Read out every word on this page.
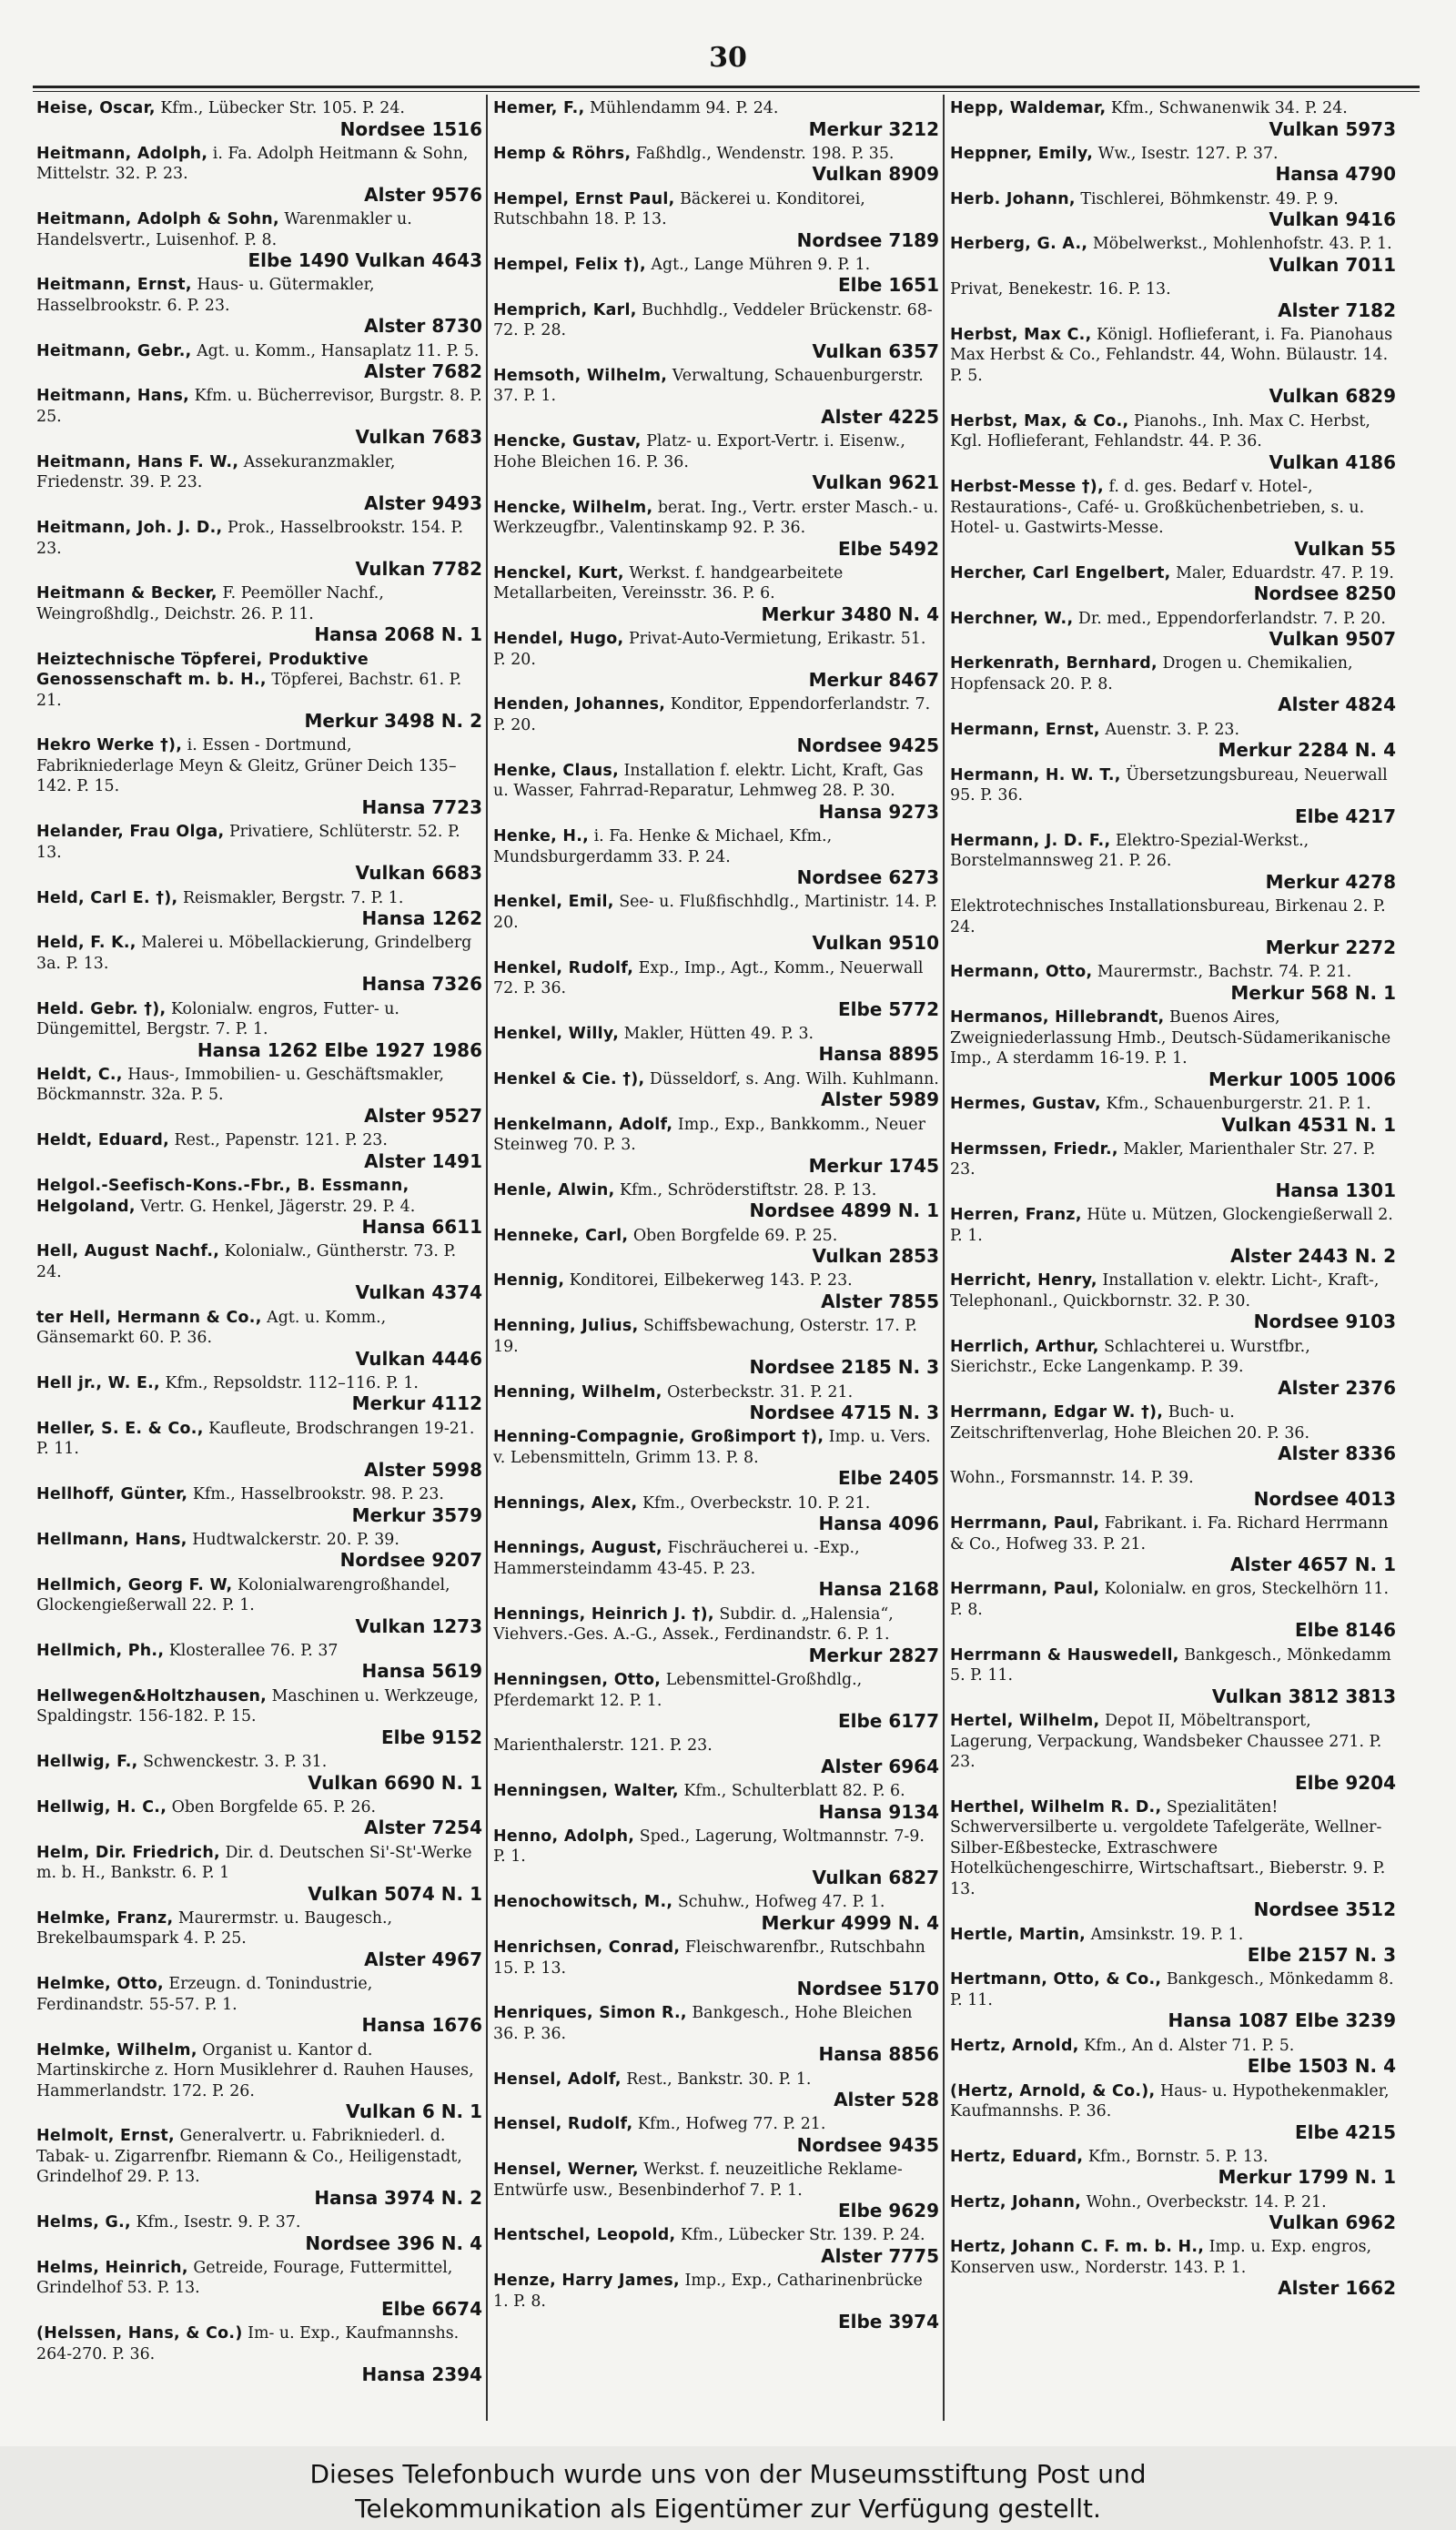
30
Heise, Oscar, Kfm., Lübecker Str. 105. P. 24.
Nordsee 1516
Heitmann, Adolph, i. Fa. Adolph Heitmann & Sohn, Mittelstr. 32. P. 23.
Alster 9576
Heitmann, Adolph & Sohn, Warenmakler u. Handelsvertr., Luisenhof. P. 8.
Elbe 1490 Vulkan 4643
Heitmann, Ernst, Haus- u. Gütermakler, Hasselbrookstr. 6. P. 23.
Alster 8730
Heitmann, Gebr., Agt. u. Komm., Hansaplatz 11. P. 5.
Alster 7682
Heitmann, Hans, Kfm. u. Bücherrevisor, Burgstr. 8. P. 25.
Vulkan 7683
Heitmann, Hans F. W., Assekuranzmakler, Friedenstr. 39. P. 23.
Alster 9493
Heitmann, Joh. J. D., Prok., Hasselbrookstr. 154. P. 23.
Vulkan 7782
Heitmann & Becker, F. Peemöller Nachf., Weingroßhdlg., Deichstr. 26. P. 11.
Hansa 2068 N. 1
Heiztechnische Töpferei, Produktive Genossenschaft m. b. H., Töpferei, Bachstr. 61. P. 21.
Merkur 3498 N. 2
Hekro Werke †), i. Essen - Dortmund, Fabrikniederlage Meyn & Gleitz, Grüner Deich 135–142. P. 15.
Hansa 7723
Helander, Frau Olga, Privatiere, Schlüterstr. 52. P. 13.
Vulkan 6683
Held, Carl E. †), Reismakler, Bergstr. 7. P. 1.
Hansa 1262
Held, F. K., Malerei u. Möbellackierung, Grindelberg 3a. P. 13.
Hansa 7326
Held. Gebr. †), Kolonialw. engros, Futter- u. Düngemittel, Bergstr. 7. P. 1.
Hansa 1262 Elbe 1927 1986
Heldt, C., Haus-, Immobilien- u. Geschäftsmakler, Böckmannstr. 32a. P. 5.
Alster 9527
Heldt, Eduard, Rest., Papenstr. 121. P. 23.
Alster 1491
Helgol.-Seefisch-Kons.-Fbr., B. Essmann, Helgoland, Vertr. G. Henkel, Jägerstr. 29. P. 4.
Hansa 6611
Hell, August Nachf., Kolonialw., Güntherstr. 73. P. 24.
Vulkan 4374
ter Hell, Hermann & Co., Agt. u. Komm., Gänsemarkt 60. P. 36.
Vulkan 4446
Hell jr., W. E., Kfm., Repsoldstr. 112–116. P. 1.
Merkur 4112
Heller, S. E. & Co., Kaufleute, Brodschrangen 19-21. P. 11.
Alster 5998
Hellhoff, Günter, Kfm., Hasselbrookstr. 98. P. 23.
Merkur 3579
Hellmann, Hans, Hudtwalckerstr. 20. P. 39.
Nordsee 9207
Hellmich, Georg F. W, Kolonialwarengroßhandel, Glockengießerwall 22. P. 1.
Vulkan 1273
Hellmich, Ph., Klosterallee 76. P. 37
Hansa 5619
Hellwegen&Holtzhausen, Maschinen u. Werkzeuge, Spaldingstr. 156-182. P. 15.
Elbe 9152
Hellwig, F., Schwenckestr. 3. P. 31.
Vulkan 6690 N. 1
Hellwig, H. C., Oben Borgfelde 65. P. 26.
Alster 7254
Helm, Dir. Friedrich, Dir. d. Deutschen Si'-St'-Werke m. b. H., Bankstr. 6. P. 1
Vulkan 5074 N. 1
Helmke, Franz, Maurermstr. u. Baugesch., Brekelbaumspark 4. P. 25.
Alster 4967
Helmke, Otto, Erzeugn. d. Tonindustrie, Ferdinandstr. 55-57. P. 1.
Hansa 1676
Helmke, Wilhelm, Organist u. Kantor d. Martinskirche z. Horn Musiklehrer d. Rauhen Hauses, Hammerlandstr. 172. P. 26.
Vulkan 6 N. 1
Helmolt, Ernst, Generalvertr. u. Fabrikniederl. d. Tabak- u. Zigarrenfbr. Riemann & Co., Heiligenstadt, Grindelhof 29. P. 13.
Hansa 3974 N. 2
Helms, G., Kfm., Isestr. 9. P. 37.
Nordsee 396 N. 4
Helms, Heinrich, Getreide, Fourage, Futtermittel, Grindelhof 53. P. 13.
Elbe 6674
(Helssen, Hans, & Co.) Im- u. Exp., Kaufmannshs. 264-270. P. 36.
Hansa 2394
Hemer, F., Mühlendamm 94. P. 24.
Merkur 3212
Hemp & Röhrs, Faßhdlg., Wendenstr. 198. P. 35.
Vulkan 8909
Hempel, Ernst Paul, Bäckerei u. Konditorei, Rutschbahn 18. P. 13.
Nordsee 7189
Hempel, Felix †), Agt., Lange Mühren 9. P. 1.
Elbe 1651
Hemprich, Karl, Buchhdlg., Veddeler Brückenstr. 68-72. P. 28.
Vulkan 6357
Hemsoth, Wilhelm, Verwaltung, Schauenburgerstr. 37. P. 1.
Alster 4225
Hencke, Gustav, Platz- u. Export-Vertr. i. Eisenw., Hohe Bleichen 16. P. 36.
Vulkan 9621
Hencke, Wilhelm, berat. Ing., Vertr. erster Masch.- u. Werkzeugfbr., Valentinskamp 92. P. 36.
Elbe 5492
Henckel, Kurt, Werkst. f. handgearbeitete Metallarbeiten, Vereinsstr. 36. P. 6.
Merkur 3480 N. 4
Hendel, Hugo, Privat-Auto-Vermietung, Erikastr. 51. P. 20.
Merkur 8467
Henden, Johannes, Konditor, Eppendorferlandstr. 7. P. 20.
Nordsee 9425
Henke, Claus, Installation f. elektr. Licht, Kraft, Gas u. Wasser, Fahrrad-Reparatur, Lehmweg 28. P. 30.
Hansa 9273
Henke, H., i. Fa. Henke & Michael, Kfm., Mundsburgerdamm 33. P. 24.
Nordsee 6273
Henkel, Emil, See- u. Flußfischhdlg., Martinistr. 14. P. 20.
Vulkan 9510
Henkel, Rudolf, Exp., Imp., Agt., Komm., Neuerwall 72. P. 36.
Elbe 5772
Henkel, Willy, Makler, Hütten 49. P. 3.
Hansa 8895
Henkel & Cie. †), Düsseldorf, s. Ang. Wilh. Kuhlmann.
Alster 5989
Henkelmann, Adolf, Imp., Exp., Bankkomm., Neuer Steinweg 70. P. 3.
Merkur 1745
Henle, Alwin, Kfm., Schröderstiftstr. 28. P. 13.
Nordsee 4899 N. 1
Henneke, Carl, Oben Borgfelde 69. P. 25.
Vulkan 2853
Hennig, Konditorei, Eilbekerweg 143. P. 23.
Alster 7855
Henning, Julius, Schiffsbewachung, Osterstr. 17. P. 19.
Nordsee 2185 N. 3
Henning, Wilhelm, Osterbeckstr. 31. P. 21.
Nordsee 4715 N. 3
Henning-Compagnie, Großimport †), Imp. u. Vers. v. Lebensmitteln, Grimm 13. P. 8.
Elbe 2405
Hennings, Alex, Kfm., Overbeckstr. 10. P. 21.
Hansa 4096
Hennings, August, Fischräucherei u. -Exp., Hammersteindamm 43-45. P. 23.
Hansa 2168
Hennings, Heinrich J. †), Subdir. d. „Halensia“, Viehvers.-Ges. A.-G., Assek., Ferdinandstr. 6. P. 1.
Merkur 2827
Henningsen, Otto, Lebensmittel-Großhdlg., Pferdemarkt 12. P. 1.
Elbe 6177
Marienthalerstr. 121. P. 23.
Alster 6964
Henningsen, Walter, Kfm., Schulterblatt 82. P. 6.
Hansa 9134
Henno, Adolph, Sped., Lagerung, Woltmannstr. 7-9. P. 1.
Vulkan 6827
Henochowitsch, M., Schuhw., Hofweg 47. P. 1.
Merkur 4999 N. 4
Henrichsen, Conrad, Fleischwarenfbr., Rutschbahn 15. P. 13.
Nordsee 5170
Henriques, Simon R., Bankgesch., Hohe Bleichen 36. P. 36.
Hansa 8856
Hensel, Adolf, Rest., Bankstr. 30. P. 1.
Alster 528
Hensel, Rudolf, Kfm., Hofweg 77. P. 21.
Nordsee 9435
Hensel, Werner, Werkst. f. neuzeitliche Reklame-Entwürfe usw., Besenbinderhof 7. P. 1.
Elbe 9629
Hentschel, Leopold, Kfm., Lübecker Str. 139. P. 24.
Alster 7775
Henze, Harry James, Imp., Exp., Catharinenbrücke 1. P. 8.
Elbe 3974
Hepp, Waldemar, Kfm., Schwanenwik 34. P. 24.
Vulkan 5973
Heppner, Emily, Ww., Isestr. 127. P. 37.
Hansa 4790
Herb. Johann, Tischlerei, Böhmkenstr. 49. P. 9.
Vulkan 9416
Herberg, G. A., Möbelwerkst., Mohlenhofstr. 43. P. 1.
Vulkan 7011
Privat, Benekestr. 16. P. 13.
Alster 7182
Herbst, Max C., Königl. Hoflieferant, i. Fa. Pianohaus Max Herbst & Co., Fehlandstr. 44, Wohn. Bülaustr. 14. P. 5.
Vulkan 6829
Herbst, Max, & Co., Pianohs., Inh. Max C. Herbst, Kgl. Hoflieferant, Fehlandstr. 44. P. 36.
Vulkan 4186
Herbst-Messe †), f. d. ges. Bedarf v. Hotel-, Restaurations-, Café- u. Großküchenbetrieben, s. u. Hotel- u. Gastwirts-Messe.
Vulkan 55
Hercher, Carl Engelbert, Maler, Eduardstr. 47. P. 19.
Nordsee 8250
Herchner, W., Dr. med., Eppendorferlandstr. 7. P. 20.
Vulkan 9507
Herkenrath, Bernhard, Drogen u. Chemikalien, Hopfensack 20. P. 8.
Alster 4824
Hermann, Ernst, Auenstr. 3. P. 23.
Merkur 2284 N. 4
Hermann, H. W. T., Übersetzungsbureau, Neuerwall 95. P. 36.
Elbe 4217
Hermann, J. D. F., Elektro-Spezial-Werkst., Borstelmannsweg 21. P. 26.
Merkur 4278
Elektrotechnisches Installationsbureau, Birkenau 2. P. 24.
Merkur 2272
Hermann, Otto, Maurermstr., Bachstr. 74. P. 21.
Merkur 568 N. 1
Hermanos, Hillebrandt, Buenos Aires, Zweigniederlassung Hmb., Deutsch-Südamerikanische Imp., A sterdamm 16-19. P. 1.
Merkur 1005 1006
Hermes, Gustav, Kfm., Schauenburgerstr. 21. P. 1.
Vulkan 4531 N. 1
Hermssen, Friedr., Makler, Marienthaler Str. 27. P. 23.
Hansa 1301
Herren, Franz, Hüte u. Mützen, Glockengießerwall 2. P. 1.
Alster 2443 N. 2
Herricht, Henry, Installation v. elektr. Licht-, Kraft-, Telephonanl., Quickbornstr. 32. P. 30.
Nordsee 9103
Herrlich, Arthur, Schlachterei u. Wurstfbr., Sierichstr., Ecke Langenkamp. P. 39.
Alster 2376
Herrmann, Edgar W. †), Buch- u. Zeitschriftenverlag, Hohe Bleichen 20. P. 36.
Alster 8336
Wohn., Forsmannstr. 14. P. 39.
Nordsee 4013
Herrmann, Paul, Fabrikant. i. Fa. Richard Herrmann & Co., Hofweg 33. P. 21.
Alster 4657 N. 1
Herrmann, Paul, Kolonialw. en gros, Steckelhörn 11. P. 8.
Elbe 8146
Herrmann & Hauswedell, Bankgesch., Mönkedamm 5. P. 11.
Vulkan 3812 3813
Hertel, Wilhelm, Depot II, Möbeltransport, Lagerung, Verpackung, Wandsbeker Chaussee 271. P. 23.
Elbe 9204
Herthel, Wilhelm R. D., Spezialitäten! Schwerversilberte u. vergoldete Tafelgeräte, Wellner-Silber-Eßbestecke, Extraschwere Hotelküchengeschirre, Wirtschaftsart., Bieberstr. 9. P. 13.
Nordsee 3512
Hertle, Martin, Amsinkstr. 19. P. 1.
Elbe 2157 N. 3
Hertmann, Otto, & Co., Bankgesch., Mönkedamm 8. P. 11.
Hansa 1087 Elbe 3239
Hertz, Arnold, Kfm., An d. Alster 71. P. 5.
Elbe 1503 N. 4
(Hertz, Arnold, & Co.), Haus- u. Hypothekenmakler, Kaufmannshs. P. 36.
Elbe 4215
Hertz, Eduard, Kfm., Bornstr. 5. P. 13.
Merkur 1799 N. 1
Hertz, Johann, Wohn., Overbeckstr. 14. P. 21.
Vulkan 6962
Hertz, Johann C. F. m. b. H., Imp. u. Exp. engros, Konserven usw., Norderstr. 143. P. 1.
Alster 1662
Dieses Telefonbuch wurde uns von der Museumsstiftung Post und
Telekommunikation als Eigentümer zur Verfügung gestellt.
